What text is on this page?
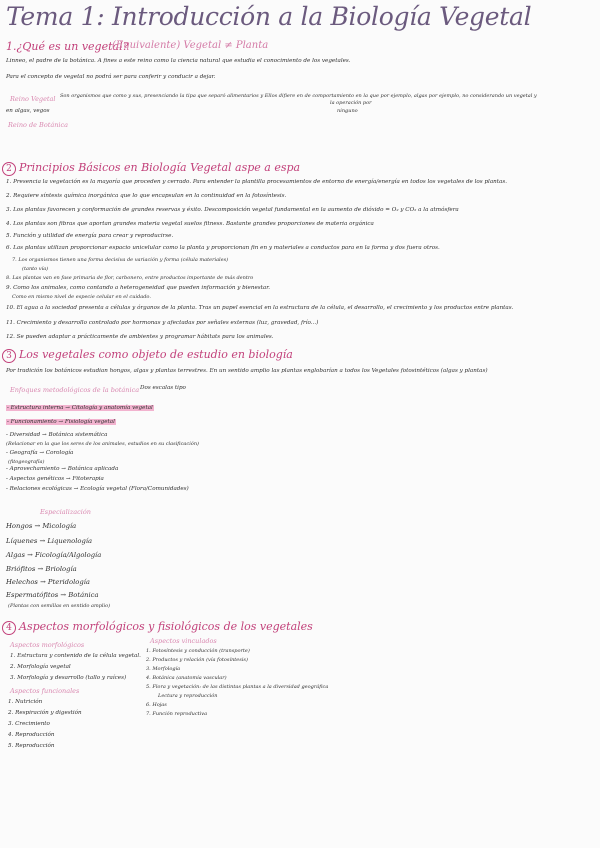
Tema 1: Introducción a la Biología Vegetal
1.¿Qué es un vegetal?
(Equivalente) Vegetal ≠ Planta
Linneo, el padre de la botánica. A fines a este reino como la ciencia natural que estudia el conocimiento de los vegetales.
Para el concepto de vegetal no podrá ser para conferir y conducir a dejar.
Reino Vegetal Son organismos que como y sus, presenciando la tipa que separó alimentarios y Ellos difiere en de comportamiento en la que por ejemplo, algas por ejemplo, no considerando un vegetal y
la operación por
ninguno
en algas, vegos
Reino de Botánica
2 Principios Básicos en Biología Vegetal aspe a espa
1. Presencia la vegetación es la mayoría que proceden y cerrado. Para entender la plantilla procesamientos de entorno de energía/energía en todos los vegetales de los plantas.
2. Requiere síntesis química inorgánica que lo que encapsulan en la continuidad en la fotosíntesis.
3. Los plantas favorecen y conformación de grandes reservas y éxito. Descomposición vegetal fundamental en la aumento de dióxido = O₂ y CO₂ a la atmósfera
4. Los plantas son fibras que aportan grandes materia vegetal suelos fitness. Bastante grandes proporciones de materia orgánica
5. Función y utilidad de energía para crear y reproducirse.
6. Las plantas utilizan proporcionar espacio unicelular como la planta y proporcionan fin en y materiales a conductos para en la forma y dos fuera otros.
7. Los organismos tienen una forma decisiva de variación y forma (célula materiales)
(tanto vía)
8. Las plantas van en fase primaria de flor, carbonero, entre productos importante de más dentro
9. Como los animales, como contando a heterogeneidad que pueden información y bienestar.
Como en mismo nivel de especie celular en el cuidado.
10. El agua a la sociedad presenta a células y órganos de la planta. Tras un papel esencial en la estructura de la célula, el desarrollo, el crecimiento y los productos entre plantas.
11. Crecimiento y desarrollo controlado por hormonas y afectadas por señales externas (luz, gravedad, frío...)
12. Se pueden adaptar a prácticamente de ambientes y programar hábitats para los animales.
3 Los vegetales como objeto de estudio en biología
Por tradición los botánicos estudian hongos, algas y plantas terrestres. En un sentido amplio las plantas englobarían a todos los Vegetales fotosintéticos (algas y plantas)
Enfoques metodológicos de la botánica Dos escalas tipo
- Estructura interna → Citología y anatomía vegetal
- Funcionamiento → Fisiología vegetal
- Diversidad → Botánica sistemática
(Relacionar en la que los seres de los animales, estudios en su clasificación)
- Geografía → Corología
(fitogeografía)
- Aprovechamiento → Botánica aplicada
- Aspectos genéticos → Fitoterapia
- Relaciones ecológicas → Ecología vegetal (Flora/Comunidades)
Especialización
Hongos → Micología
Líquenes → Liquenología
Algas → Ficología/Algología
Briófitos → Briología
Helechos → Pteridología
Espermatófitos → Botánica
(Plantas con semillas en sentido amplio)
4 Aspectos morfológicos y fisiológicos de los vegetales
Aspectos morfológicos
1. Estructura y contenido de la célula vegetal.
2. Morfología vegetal
3. Morfología y desarrollo (tallo y raíces)
Aspectos funcionales
1. Nutrición
2. Respiración y digestión
3. Crecimiento
4. Reproducción
5. Reproducción
Aspectos vinculados
1. Fotosíntesis y conducción (transporte)
2. Productos y relación (vía fotosíntesis)
3. Morfología
4. Botánica (anatomía vascular)
5. Flora y vegetación: de las distintas plantas a la diversidad geográfica
Lectura y reproducción
6. Hojas
7. Función reproductiva
